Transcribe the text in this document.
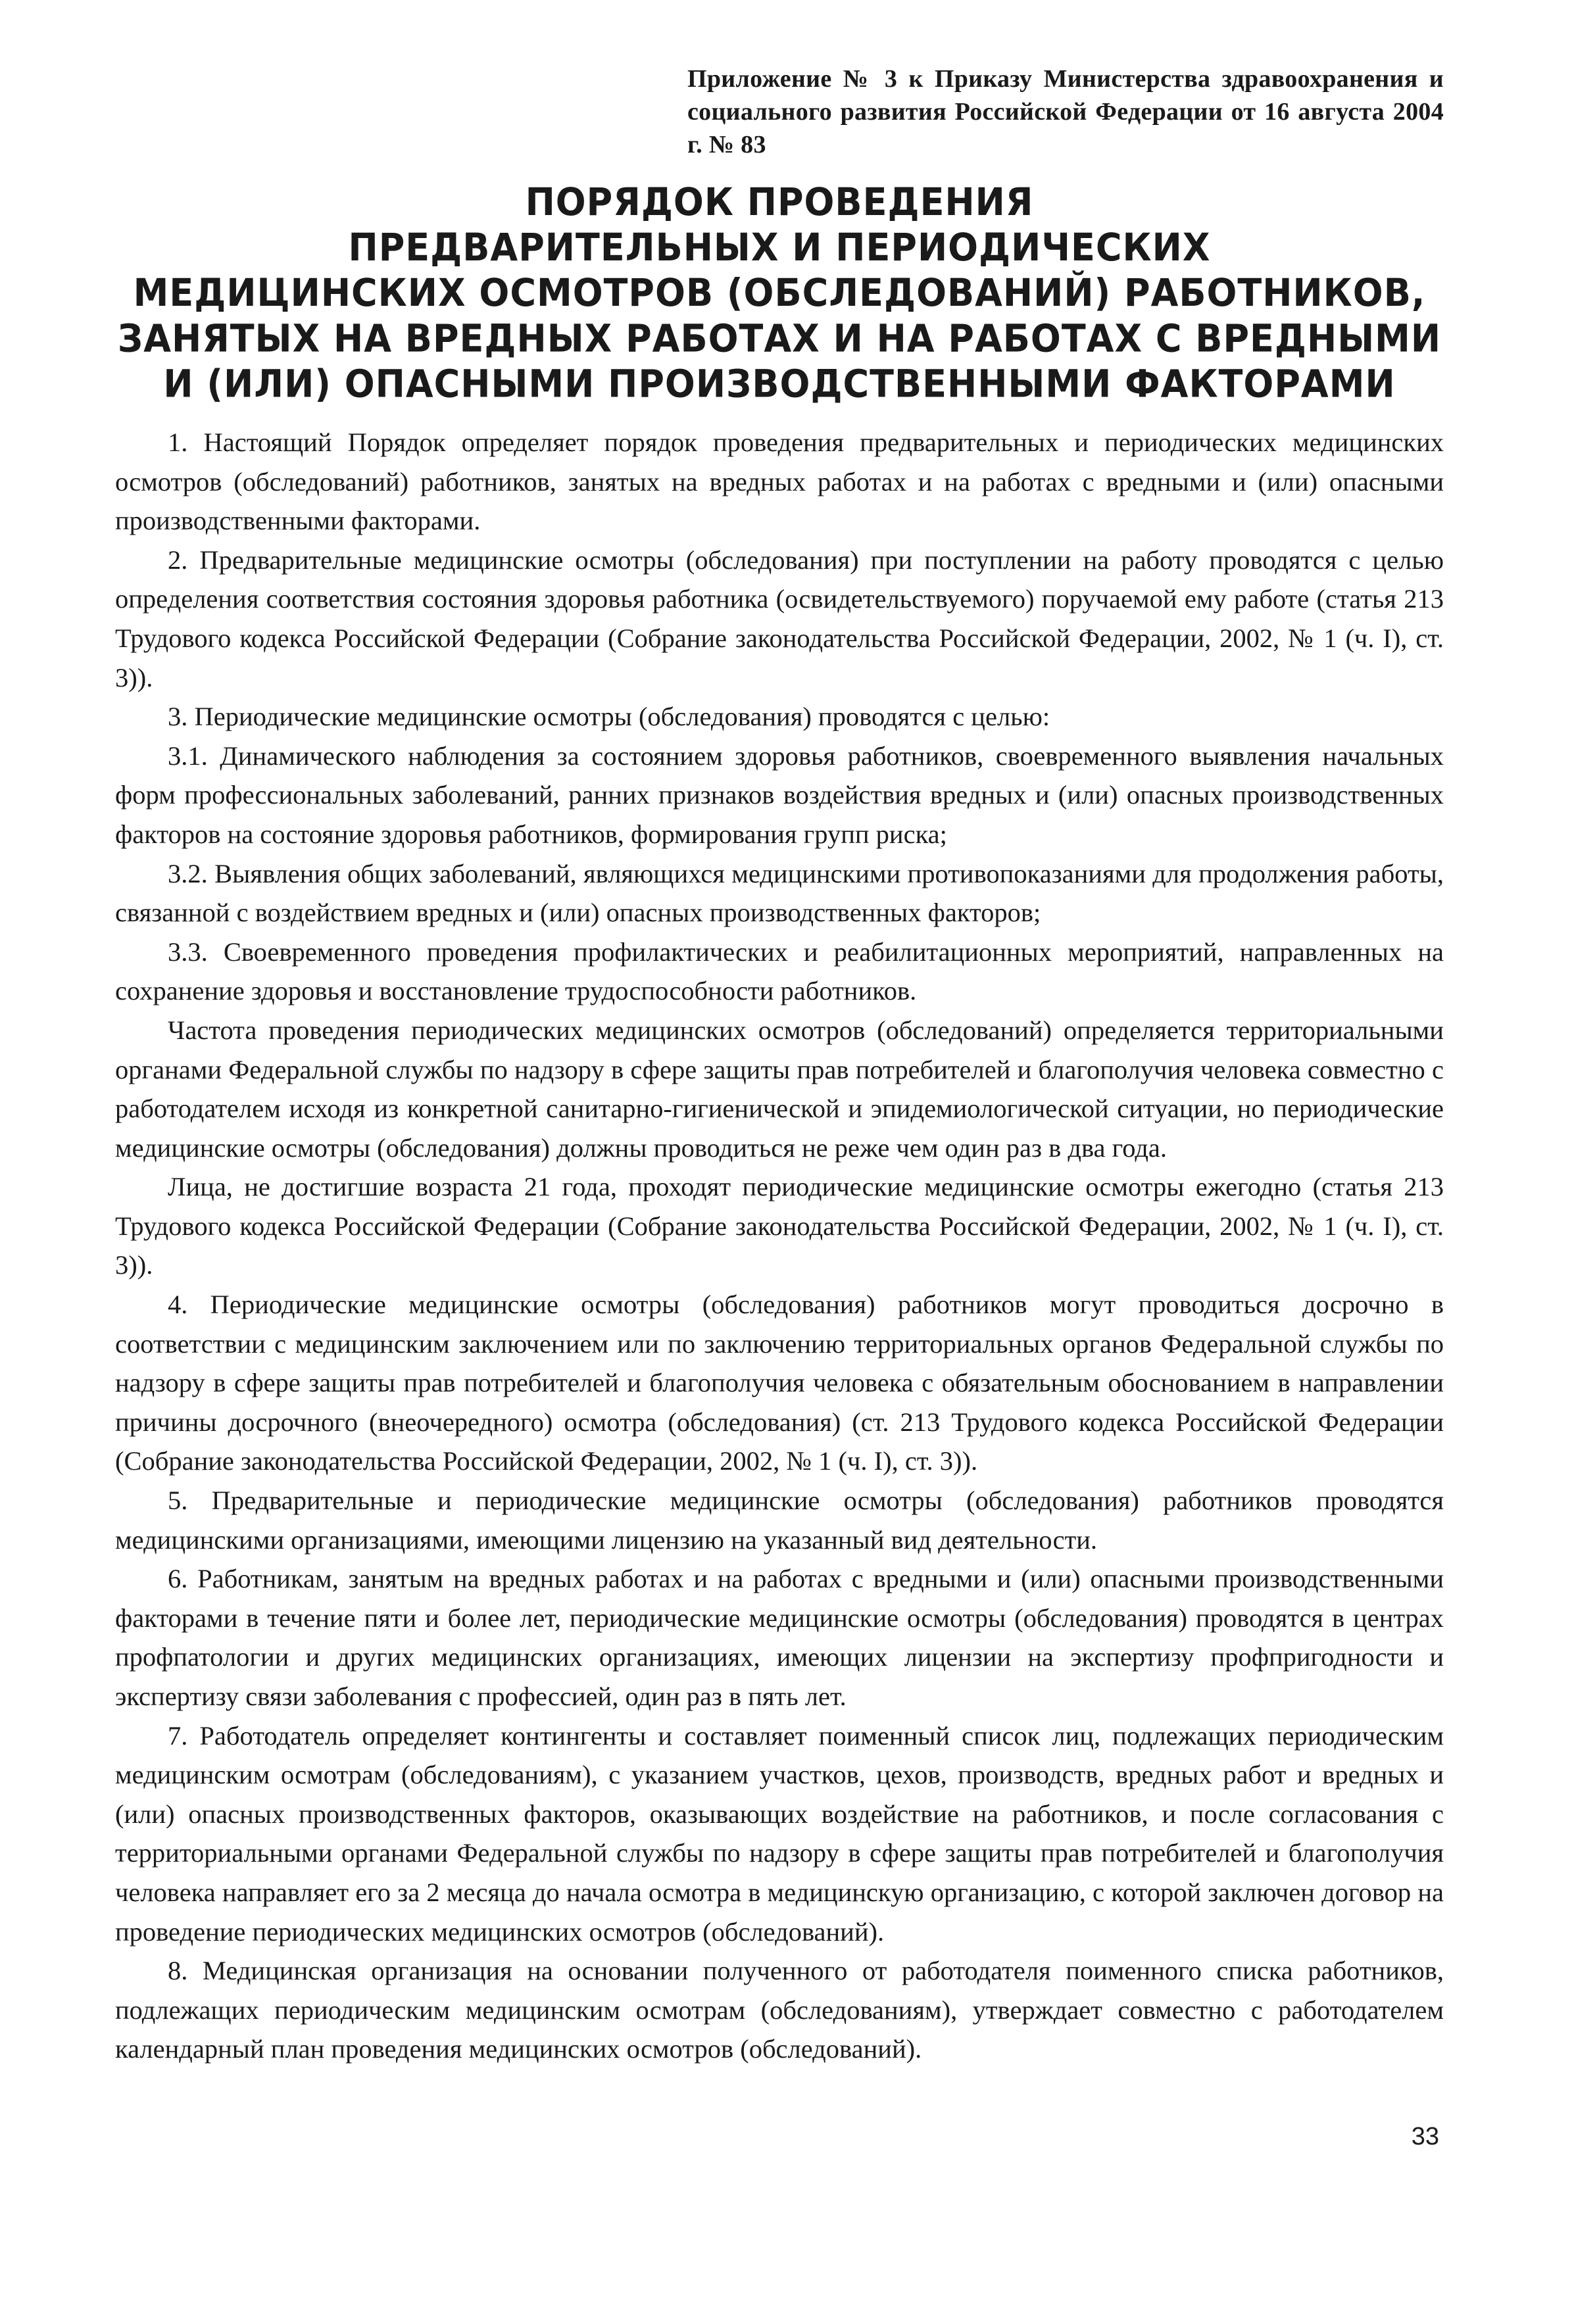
Приложение № 3 к Приказу Министерства здравоохранения и социального развития Российской Федерации от 16 августа 2004 г. № 83
ПОРЯДОК ПРОВЕДЕНИЯ
ПРЕДВАРИТЕЛЬНЫХ И ПЕРИОДИЧЕСКИХ
МЕДИЦИНСКИХ ОСМОТРОВ (ОБСЛЕДОВАНИЙ) РАБОТНИКОВ,
ЗАНЯТЫХ НА ВРЕДНЫХ РАБОТАХ И НА РАБОТАХ С ВРЕДНЫМИ
И (ИЛИ) ОПАСНЫМИ ПРОИЗВОДСТВЕННЫМИ ФАКТОРАМИ

1. Настоящий Порядок определяет порядок проведения предварительных и периодических медицинских осмотров (обследований) работников, занятых на вредных работах и на работах с вредными и (или) опасными производственными факторами.

2. Предварительные медицинские осмотры (обследования) при поступлении на работу проводятся с целью определения соответствия состояния здоровья работника (освидетельствуемого) поручаемой ему работе (статья 213 Трудового кодекса Российской Федерации (Собрание законодательства Российской Федерации, 2002, № 1 (ч. I), ст. 3)).

3. Периодические медицинские осмотры (обследования) проводятся с целью:

3.1. Динамического наблюдения за состоянием здоровья работников, своевременного выявления начальных форм профессиональных заболеваний, ранних признаков воздействия вредных и (или) опасных производственных факторов на состояние здоровья работников, формирования групп риска;

3.2. Выявления общих заболеваний, являющихся медицинскими противопоказаниями для продолжения работы, связанной с воздействием вредных и (или) опасных производственных факторов;

3.3. Своевременного проведения профилактических и реабилитационных мероприятий, направленных на сохранение здоровья и восстановление трудоспособности работников.

Частота проведения периодических медицинских осмотров (обследований) определяется территориальными органами Федеральной службы по надзору в сфере защиты прав потребителей и благополучия человека совместно с работодателем исходя из конкретной санитарно-гигиенической и эпидемиологической ситуации, но периодические медицинские осмотры (обследования) должны проводиться не реже чем один раз в два года.

Лица, не достигшие возраста 21 года, проходят периодические медицинские осмотры ежегодно (статья 213 Трудового кодекса Российской Федерации (Собрание законодательства Российской Федерации, 2002, № 1 (ч. I), ст. 3)).

4. Периодические медицинские осмотры (обследования) работников могут проводиться досрочно в соответствии с медицинским заключением или по заключению территориальных органов Федеральной службы по надзору в сфере защиты прав потребителей и благополучия человека с обязательным обоснованием в направлении причины досрочного (внеочередного) осмотра (обследования) (ст. 213 Трудового кодекса Российской Федерации (Собрание законодательства Российской Федерации, 2002, № 1 (ч. I), ст. 3)).

5. Предварительные и периодические медицинские осмотры (обследования) работников проводятся медицинскими организациями, имеющими лицензию на указанный вид деятельности.

6. Работникам, занятым на вредных работах и на работах с вредными и (или) опасными производственными факторами в течение пяти и более лет, периодические медицинские осмотры (обследования) проводятся в центрах профпатологии и других медицинских организациях, имеющих лицензии на экспертизу профпригодности и экспертизу связи заболевания с профессией, один раз в пять лет.

7. Работодатель определяет контингенты и составляет поименный список лиц, подлежащих периодическим медицинским осмотрам (обследованиям), с указанием участков, цехов, производств, вредных работ и вредных и (или) опасных производственных факторов, оказывающих воздействие на работников, и после согласования с территориальными органами Федеральной службы по надзору в сфере защиты прав потребителей и благополучия человека направляет его за 2 месяца до начала осмотра в медицинскую организацию, с которой заключен договор на проведение периодических медицинских осмотров (обследований).

8. Медицинская организация на основании полученного от работодателя поименного списка работников, подлежащих периодическим медицинским осмотрам (обследованиям), утверждает совместно с работодателем календарный план проведения медицинских осмотров (обследований).

33
